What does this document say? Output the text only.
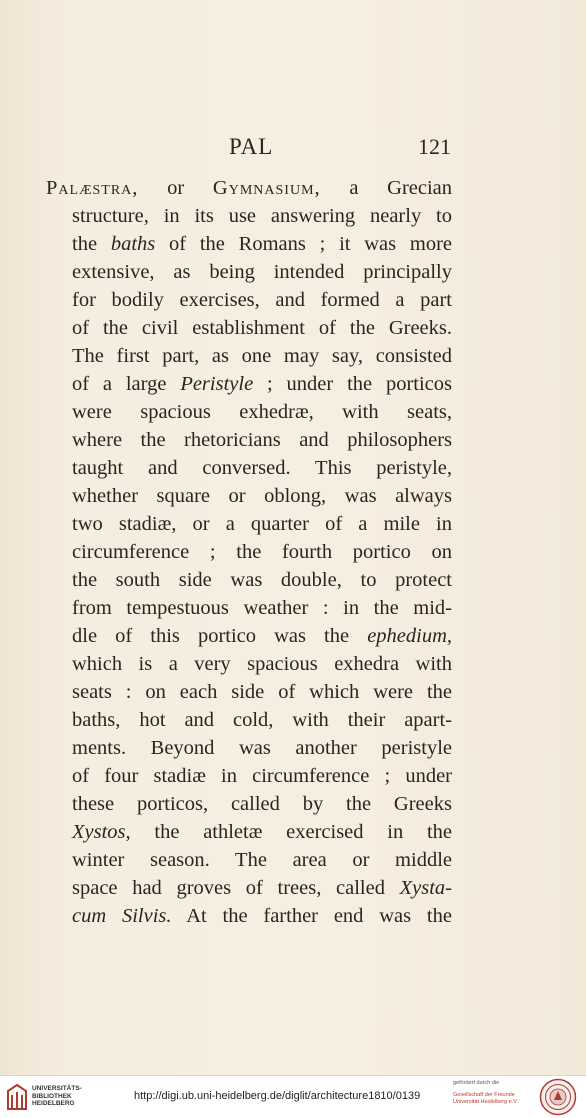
PAL	121
Palæstra, or Gymnasium, a Grecian
structure, in its use answering nearly to
the baths of the Romans ; it was more
extensive, as being intended principally
for bodily exercises, and formed a part
of the civil establishment of the Greeks.
The first part, as one may say, consisted
of a large Peristyle ; under the porticos
were spacious exhedræ, with seats,
where the rhetoricians and philosophers
taught and conversed. This peristyle,
whether square or oblong, was always
two stadiæ, or a quarter of a mile in
circumference ; the fourth portico on
the south side was double, to protect
from tempestuous weather : in the mid-
dle of this portico was the ephedium,
which is a very spacious exhedra with
seats : on each side of which were the
baths, hot and cold, with their apart-
ments. Beyond was another peristyle
of four stadiæ in circumference ; under
these porticos, called by the Greeks
Xystos, the athletæ exercised in the
winter season. The area or middle
space had groves of trees, called Xysta-
cum Silvis. At the farther end was the
UNIVERSITÄTS-
BIBLIOTHEK
HEIDELBERG
http://digi.ub.uni-heidelberg.de/diglit/architecture1810/0139
gefördert durch die
Gesellschaft der Freunde
Universität Heidelberg e.V.
